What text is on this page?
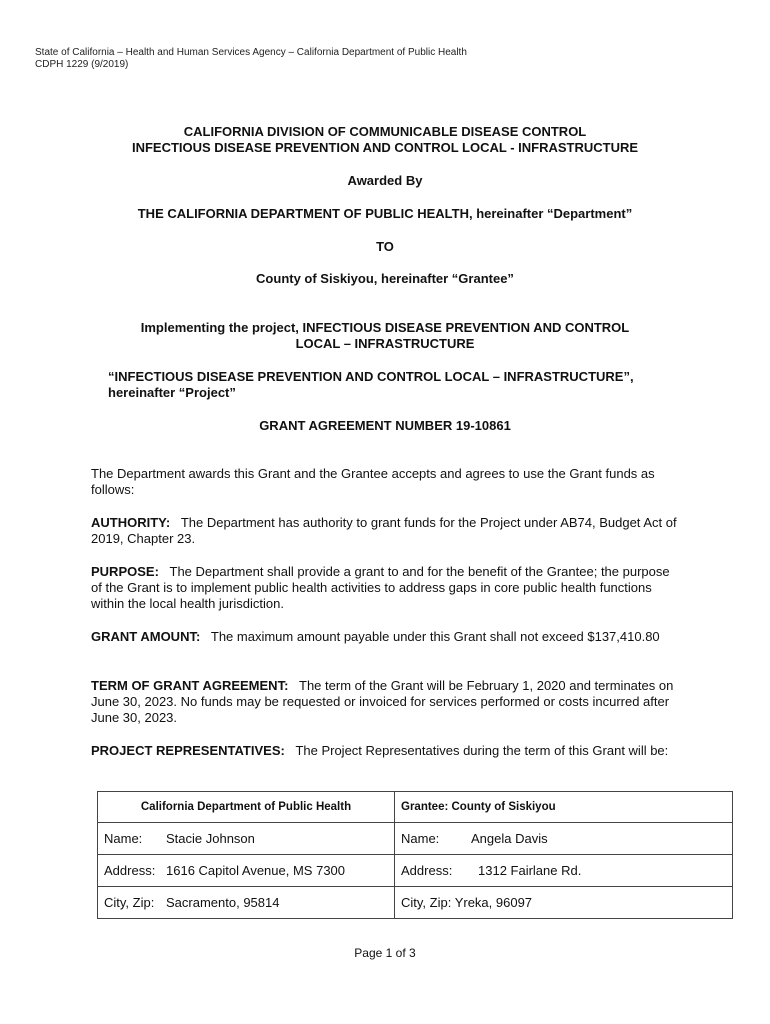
State of California – Health and Human Services Agency – California Department of Public Health
CDPH 1229 (9/2019)
CALIFORNIA DIVISION OF COMMUNICABLE DISEASE CONTROL
INFECTIOUS DISEASE PREVENTION AND CONTROL LOCAL - INFRASTRUCTURE
Awarded By
THE CALIFORNIA DEPARTMENT OF PUBLIC HEALTH, hereinafter “Department”
TO
County of Siskiyou, hereinafter “Grantee”
Implementing the project, INFECTIOUS DISEASE PREVENTION AND CONTROL
LOCAL – INFRASTRUCTURE
“INFECTIOUS DISEASE PREVENTION AND CONTROL LOCAL – INFRASTRUCTURE”,
hereinafter “Project”
GRANT AGREEMENT NUMBER 19-10861
The Department awards this Grant and the Grantee accepts and agrees to use the Grant funds as follows:
AUTHORITY: The Department has authority to grant funds for the Project under AB74, Budget Act of 2019, Chapter 23.
PURPOSE: The Department shall provide a grant to and for the benefit of the Grantee; the purpose of the Grant is to implement public health activities to address gaps in core public health functions within the local health jurisdiction.
GRANT AMOUNT: The maximum amount payable under this Grant shall not exceed $137,410.80
TERM OF GRANT AGREEMENT: The term of the Grant will be February 1, 2020 and terminates on June 30, 2023. No funds may be requested or invoiced for services performed or costs incurred after June 30, 2023.
PROJECT REPRESENTATIVES: The Project Representatives during the term of this Grant will be:
California Department of Public Health	Grantee: County of Siskiyou
Name: Stacie Johnson	Name: Angela Davis
Address: 1616 Capitol Avenue, MS 7300	Address: 1312 Fairlane Rd.
City, Zip: Sacramento, 95814	City, Zip: Yreka, 96097
Page 1 of 3
